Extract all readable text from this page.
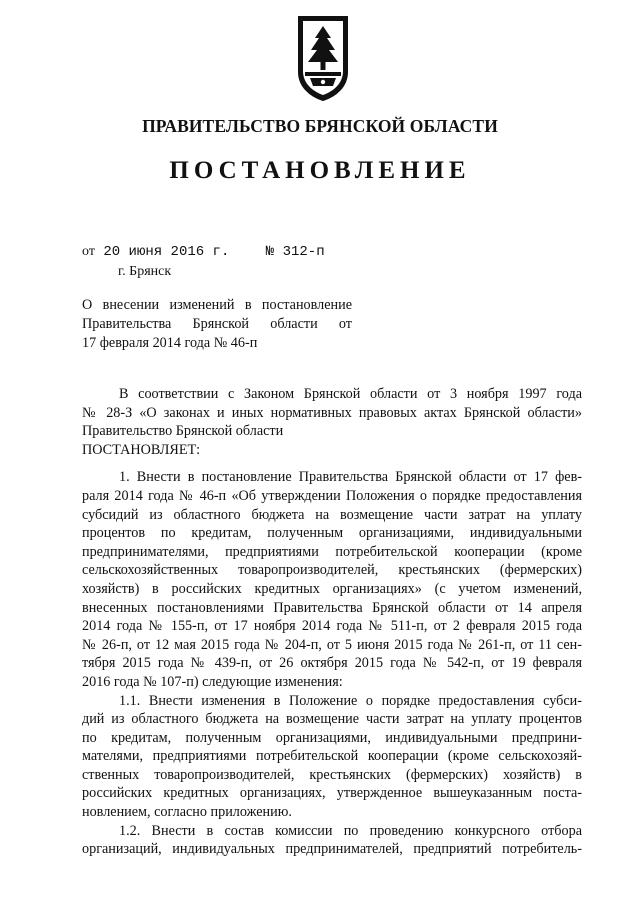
ПРАВИТЕЛЬСТВО БРЯНСКОЙ ОБЛАСТИ
ПОСТАНОВЛЕНИЕ
от 20 июня 2016 г.	№ 312-п
г. Брянск
О внесении изменений в постановление
Правительства Брянской области от
17 февраля 2014 года № 46-п
В соответствии с Законом Брянской области от 3 ноября 1997 года
№ 28-З «О законах и иных нормативных правовых актах Брянской области»
Правительство Брянской области
ПОСТАНОВЛЯЕТ:
1. Внести в постановление Правительства Брянской области от 17 фев-
раля 2014 года № 46-п «Об утверждении Положения о порядке предоставления
субсидий из областного бюджета на возмещение части затрат на уплату
процентов по кредитам, полученным организациями, индивидуальными
предпринимателями, предприятиями потребительской кооперации (кроме
сельскохозяйственных товаропроизводителей, крестьянских (фермерских)
хозяйств) в российских кредитных организациях» (с учетом изменений,
внесенных постановлениями Правительства Брянской области от 14 апреля
2014 года № 155-п, от 17 ноября 2014 года № 511-п, от 2 февраля 2015 года
№ 26-п, от 12 мая 2015 года № 204-п, от 5 июня 2015 года № 261-п, от 11 сен-
тября 2015 года № 439-п, от 26 октября 2015 года № 542-п, от 19 февраля
2016 года № 107-п) следующие изменения:
1.1. Внести изменения в Положение о порядке предоставления субси-
дий из областного бюджета на возмещение части затрат на уплату процентов
по кредитам, полученным организациями, индивидуальными предприни-
мателями, предприятиями потребительской кооперации (кроме сельскохозяй-
ственных товаропроизводителей, крестьянских (фермерских) хозяйств) в
российских кредитных организациях, утвержденное вышеуказанным поста-
новлением, согласно приложению.
1.2. Внести в состав комиссии по проведению конкурсного отбора
организаций, индивидуальных предпринимателей, предприятий потребитель-
